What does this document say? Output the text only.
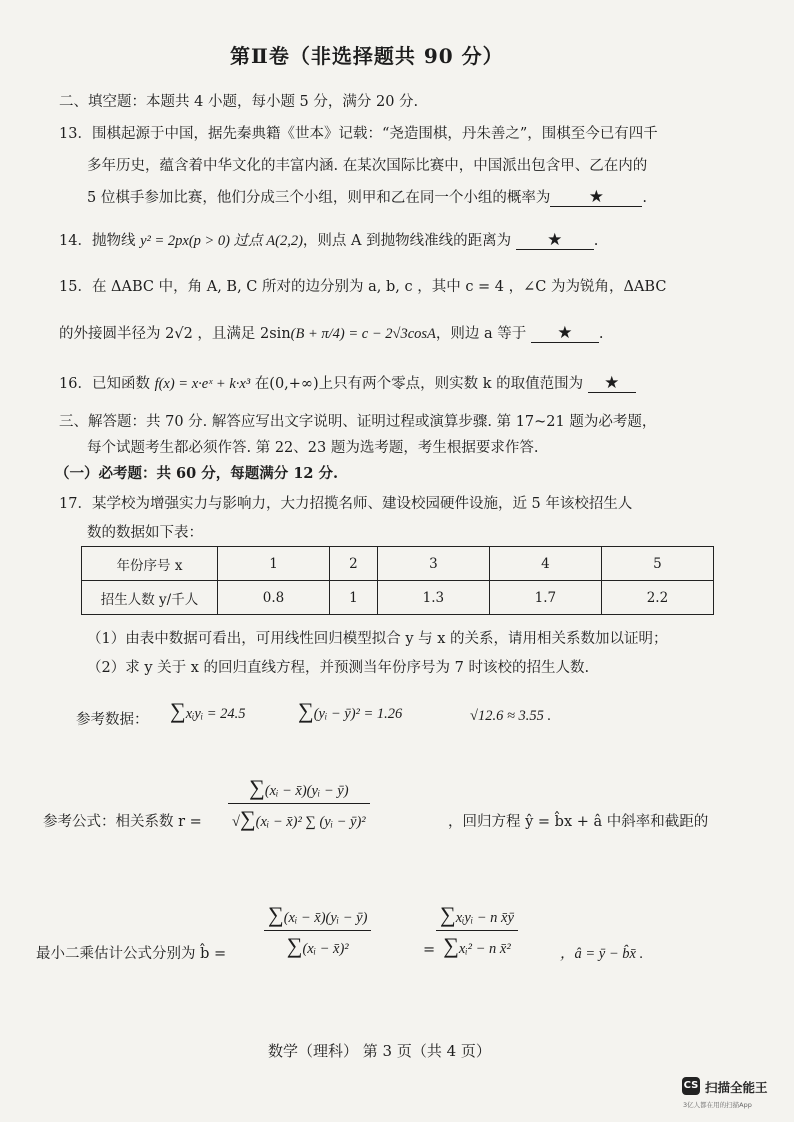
第Ⅱ卷（非选择题共 90 分）
二、填空题：本题共 4 小题，每小题 5 分，满分 20 分.
13．围棋起源于中国，据先秦典籍《世本》记载：“尧造围棋，丹朱善之”，围棋至今已有四千
多年历史，蕴含着中华文化的丰富内涵. 在某次国际比赛中，中国派出包含甲、乙在内的
5 位棋手参加比赛，他们分成三个小组，则甲和乙在同一个小组的概率为 ★	.
14．抛物线 y² = 2px(p > 0) 过点 A(2,2)，则点 A 到抛物线准线的距离为 ★ .
15．在 ΔABC 中，角 A, B, C 所对的边分别为 a, b, c ，其中 c = 4 ，∠C 为为锐角，ΔABC
的外接圆半径为 2√2 ，且满足 2sin(B + π/4) = c − 2√3cosA，则边 a 等于 ★ .
16．已知函数 f(x) = x·eˣ + k·x³ 在(0,+∞)上只有两个零点，则实数 k 的取值范围为 ★
三、解答题：共 70 分. 解答应写出文字说明、证明过程或演算步骤. 第 17~21 题为必考题，
每个试题考生都必须作答. 第 22、23 题为选考题，考生根据要求作答.
（一）必考题：共 60 分，每题满分 12 分.
17．某学校为增强实力与影响力，大力招揽名师、建设校园硬件设施，近 5 年该校招生人
数的数据如下表：
年份序号 x	1	2	3	4	5
招生人数 y/千人	0.8	1	1.3	1.7	2.2
（1）由表中数据可看出，可用线性回归模型拟合 y 与 x 的关系，请用相关系数加以证明；
（2）求 y 关于 x 的回归直线方程，并预测当年份序号为 7 时该校的招生人数.
参考数据： ∑xᵢyᵢ = 24.5 ∑(yᵢ − ȳ)² = 1.26	√12.6 ≈ 3.55 .
参考公式：相关系数 $r = \frac{\text{∑(xᵢ − x̄)(yᵢ − ȳ)}}{\text{√∑(xᵢ − x̄)² ∑ (yᵢ − ȳ)²}}$	，回归方程 ŷ = b̂x + â 中斜率和截距的
最小二乘估计公式分别为 b̂ = $\frac{\text{∑(xᵢ − x̄)(yᵢ − ȳ)}}{\text{∑(xᵢ − x̄)²}}$	= $\frac{\text{∑xᵢyᵢ − n x̄ȳ}}{\text{∑xᵢ² − n x̄²}}$	，â = ȳ − b̂x̄ .
数学（理科） 第 3 页（共 4 页）
CS 扫描全能王
3亿人都在用的扫描App
